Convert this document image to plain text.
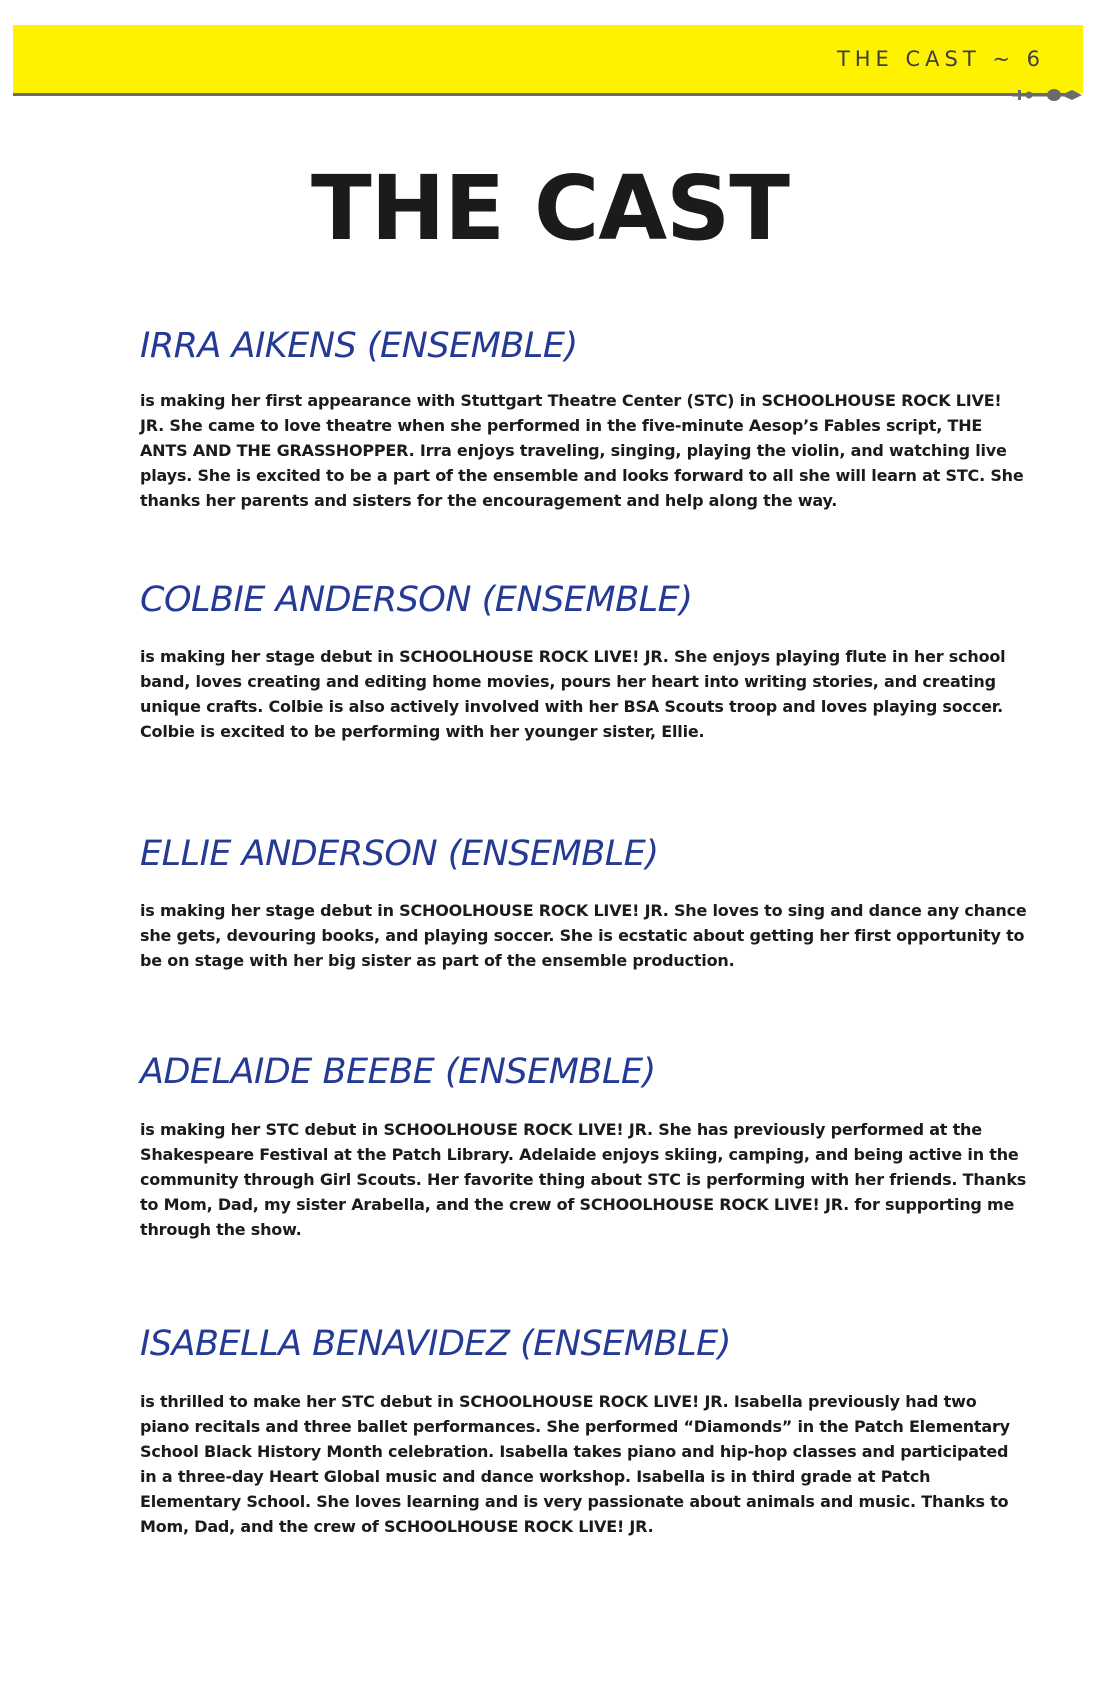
THE CAST ~ 6
THE CAST
IRRA AIKENS (ENSEMBLE)

is making her first appearance with Stuttgart Theatre Center (STC) in SCHOOLHOUSE ROCK LIVE! JR. She came to love theatre when she performed in the five-minute Aesop’s Fables script, THE ANTS AND THE GRASSHOPPER. Irra enjoys traveling, singing, playing the violin, and watching live plays. She is excited to be a part of the ensemble and looks forward to all she will learn at STC. She thanks her parents and sisters for the encouragement and help along the way.

COLBIE ANDERSON (ENSEMBLE)

is making her stage debut in SCHOOLHOUSE ROCK LIVE! JR. She enjoys playing flute in her school band, loves creating and editing home movies, pours her heart into writing stories, and creating unique crafts. Colbie is also actively involved with her BSA Scouts troop and loves playing soccer. Colbie is excited to be performing with her younger sister, Ellie.

ELLIE ANDERSON (ENSEMBLE)

is making her stage debut in SCHOOLHOUSE ROCK LIVE! JR. She loves to sing and dance any chance she gets, devouring books, and playing soccer. She is ecstatic about getting her first opportunity to be on stage with her big sister as part of the ensemble production.

ADELAIDE BEEBE (ENSEMBLE)

is making her STC debut in SCHOOLHOUSE ROCK LIVE! JR. She has previously performed at the Shakespeare Festival at the Patch Library. Adelaide enjoys skiing, camping, and being active in the community through Girl Scouts. Her favorite thing about STC is performing with her friends. Thanks to Mom, Dad, my sister Arabella, and the crew of SCHOOLHOUSE ROCK LIVE! JR. for supporting me through the show.

ISABELLA BENAVIDEZ (ENSEMBLE)

is thrilled to make her STC debut in SCHOOLHOUSE ROCK LIVE! JR. Isabella previously had two piano recitals and three ballet performances. She performed “Diamonds” in the Patch Elementary School Black History Month celebration. Isabella takes piano and hip-hop classes and participated in a three-day Heart Global music and dance workshop. Isabella is in third grade at Patch Elementary School. She loves learning and is very passionate about animals and music. Thanks to Mom, Dad, and the crew of SCHOOLHOUSE ROCK LIVE! JR.
